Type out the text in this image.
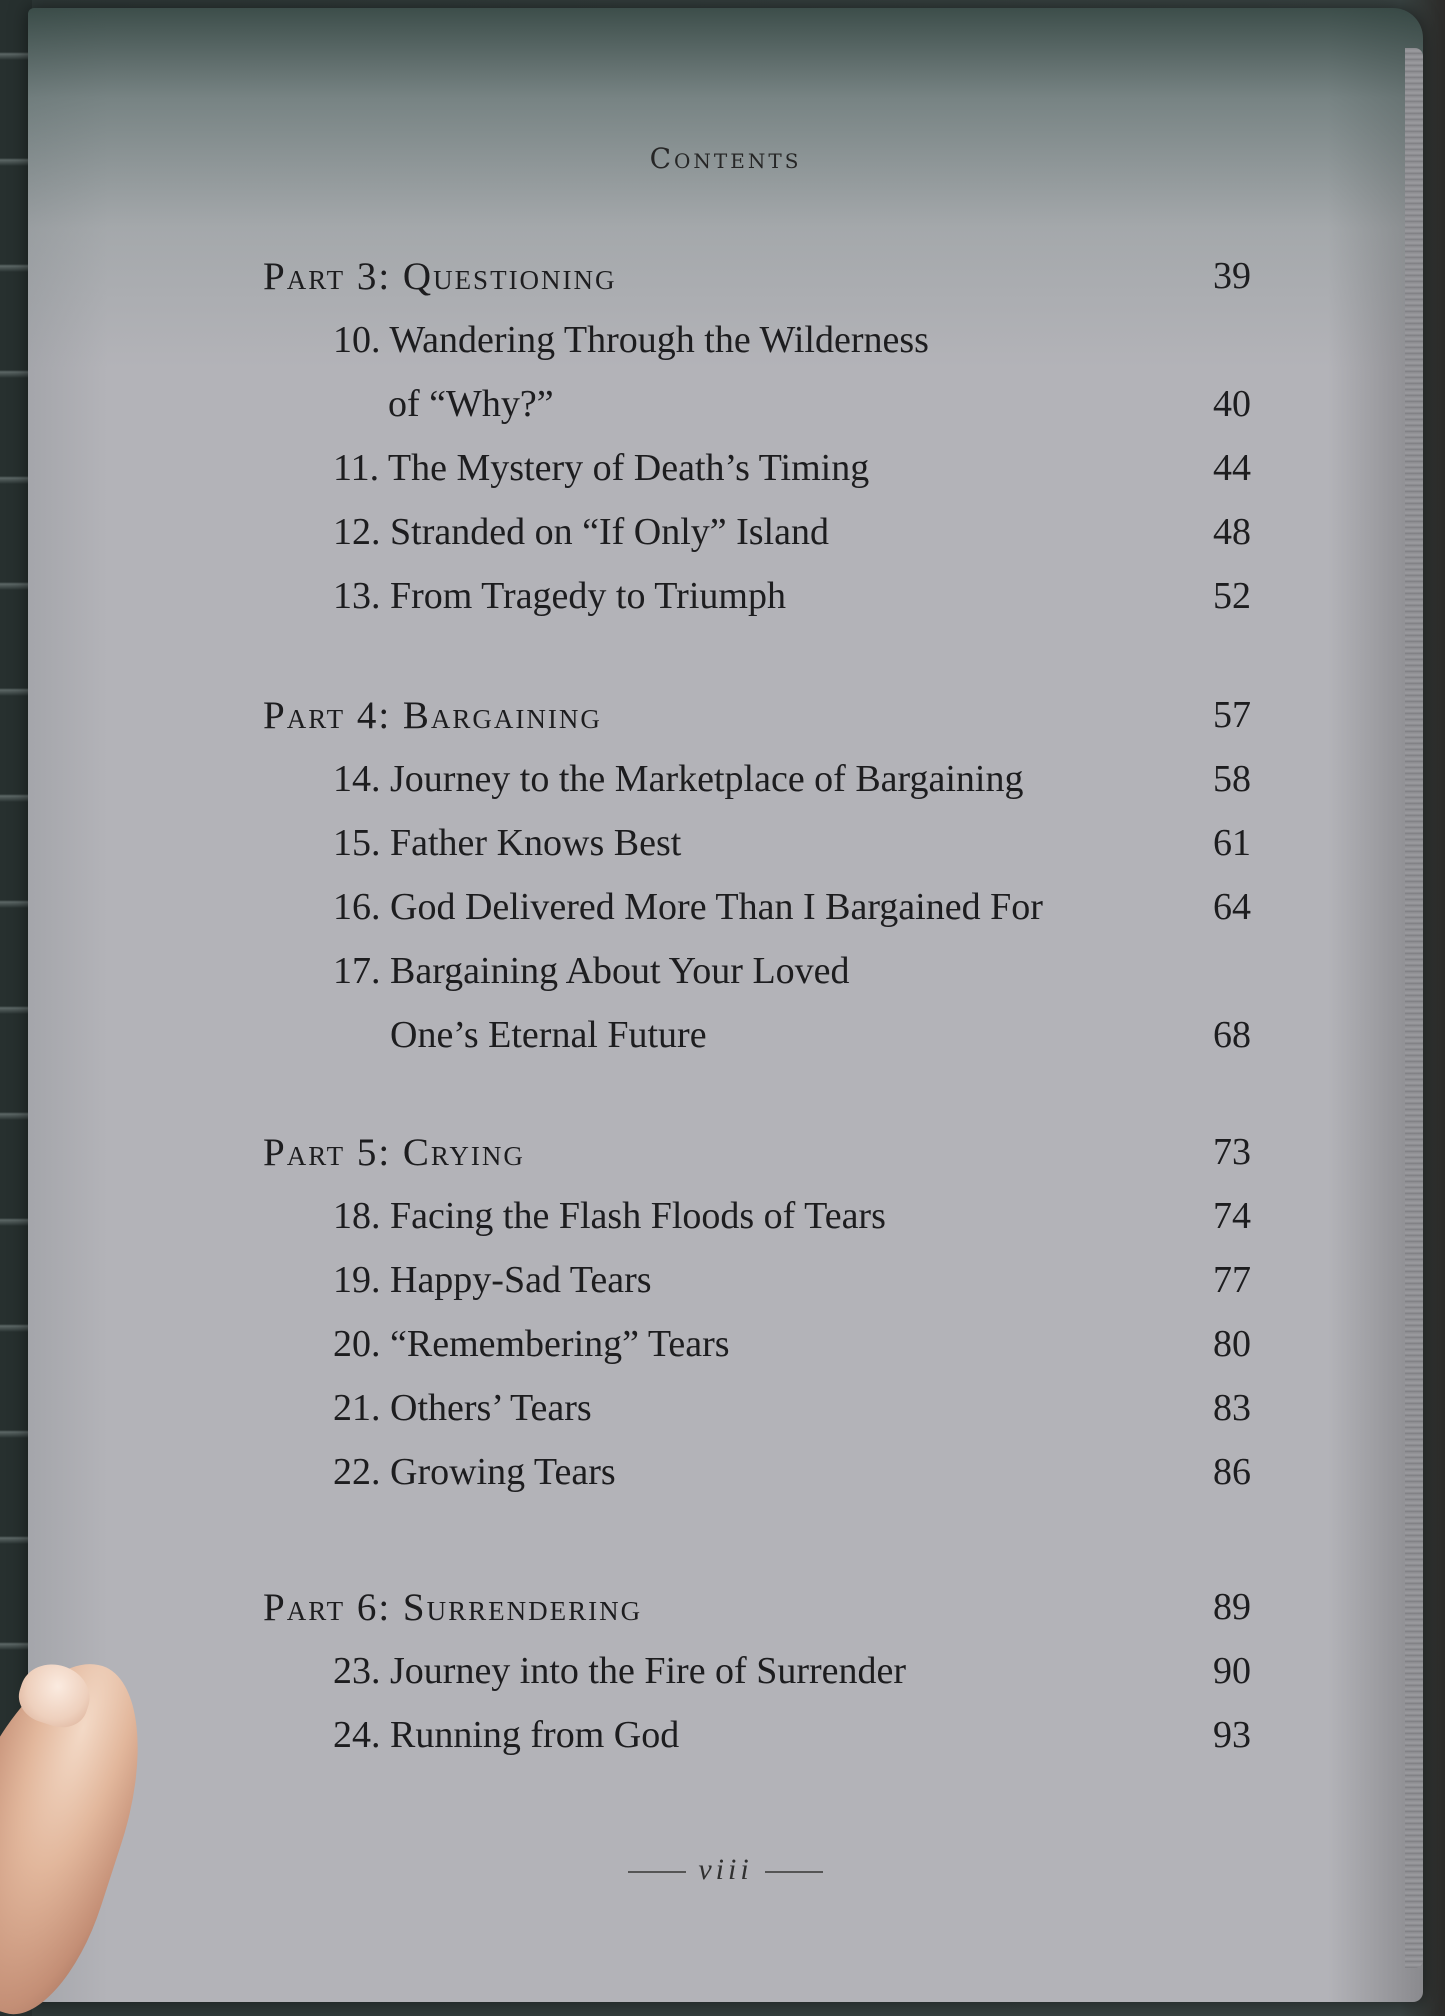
Contents
Part 3: Questioning	39
10. Wandering Through the Wilderness
of “Why?”	40
11. The Mystery of Death’s Timing	44
12. Stranded on “If Only” Island	48
13. From Tragedy to Triumph	52
Part 4: Bargaining	57
14. Journey to the Marketplace of Bargaining	58
15. Father Knows Best	61
16. God Delivered More Than I Bargained For	64
17. Bargaining About Your Loved
One’s Eternal Future	68
Part 5: Crying	73
18. Facing the Flash Floods of Tears	74
19. Happy-Sad Tears	77
20. “Remembering” Tears	80
21. Others’ Tears	83
22. Growing Tears	86
Part 6: Surrendering	89
23. Journey into the Fire of Surrender	90
24. Running from God	93
viii
